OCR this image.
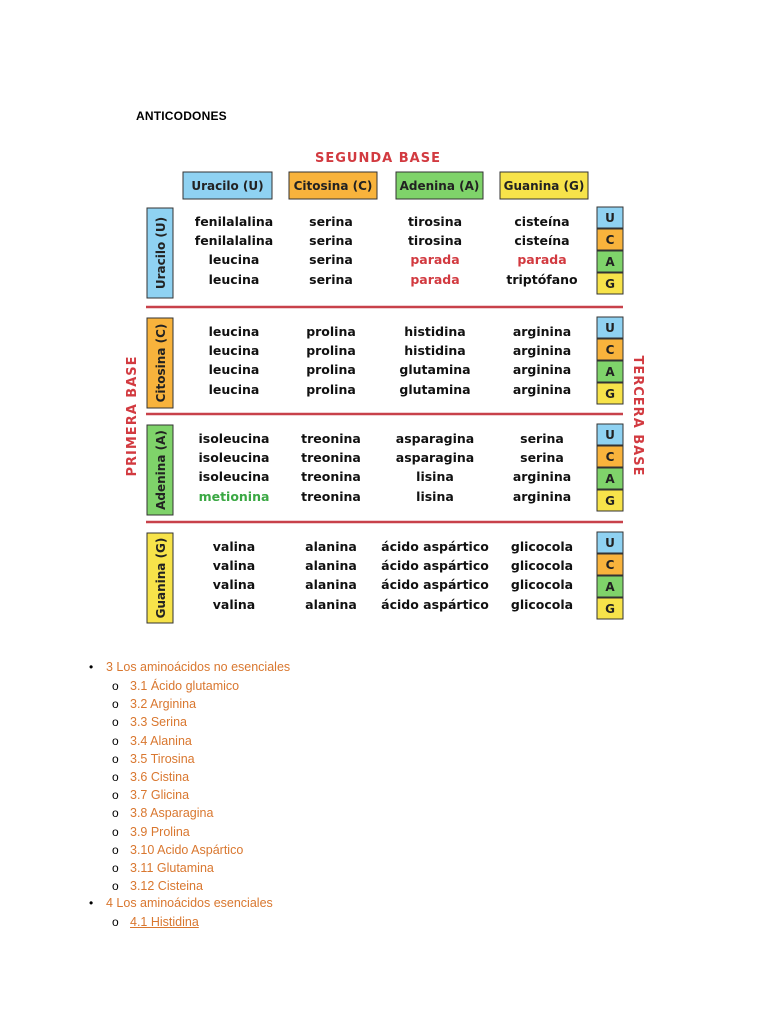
ANTICODONES
SEGUNDA BASE
PRIMERA BASE	TERCERA BASE
Uracilo (U)	Citosina (C) Adenina (A) Guanina (G)
Uracilo (U)
Citosina (C)
Adenina (A)
Guanina (G)
fenilalalina
fenilalalina
leucina
leucina
serina
serina
serina
serina
tirosina
tirosina
parada
parada
cisteína
cisteína
parada
triptófano
leucina
leucina
leucina
leucina
prolina
prolina
prolina
prolina
histidina
histidina
glutamina
glutamina
arginina
arginina
arginina
arginina
isoleucina
isoleucina
isoleucina
metionina
treonina
treonina
treonina
treonina
asparagina
asparagina
lisina
lisina
serina
serina
arginina
arginina
valina
valina
valina
valina
alanina
alanina
alanina
alanina
ácido aspártico
ácido aspártico
ácido aspártico
ácido aspártico
glicocola
glicocola
glicocola
glicocola
U
C
A
G
U
C
A
G
U
C
A
G
U
C
A
G
• 3 Los aminoácidos no esenciales
o 3.1 Ácido glutamico
o 3.2 Arginina
o 3.3 Serina
o 3.4 Alanina
o 3.5 Tirosina
o 3.6 Cistina
o 3.7 Glicina
o 3.8 Asparagina
o 3.9 Prolina
o 3.10 Acido Aspártico
o 3.11 Glutamina
o 3.12 Cisteina
• 4 Los aminoácidos esenciales
o 4.1 Histidina
